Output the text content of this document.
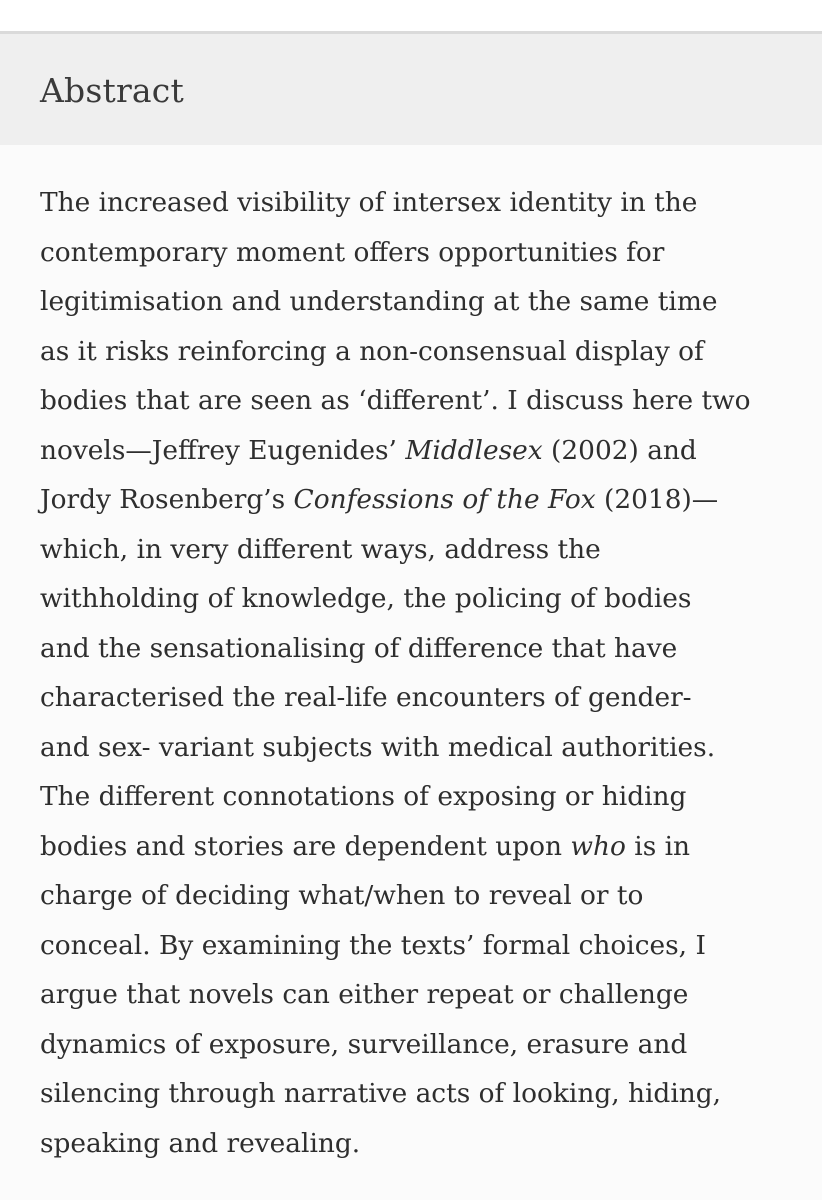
Abstract
The increased visibility of intersex identity in the
contemporary moment offers opportunities for
legitimisation and understanding at the same time
as it risks reinforcing a non-consensual display of
bodies that are seen as ‘different’. I discuss here two
novels—Jeffrey Eugenides’ Middlesex (2002) and
Jordy Rosenberg’s Confessions of the Fox (2018)—
which, in very different ways, address the
withholding of knowledge, the policing of bodies
and the sensationalising of difference that have
characterised the real-life encounters of gender-
and sex- variant subjects with medical authorities.
The different connotations of exposing or hiding
bodies and stories are dependent upon who is in
charge of deciding what/when to reveal or to
conceal. By examining the texts’ formal choices, I
argue that novels can either repeat or challenge
dynamics of exposure, surveillance, erasure and
silencing through narrative acts of looking, hiding,
speaking and revealing.
